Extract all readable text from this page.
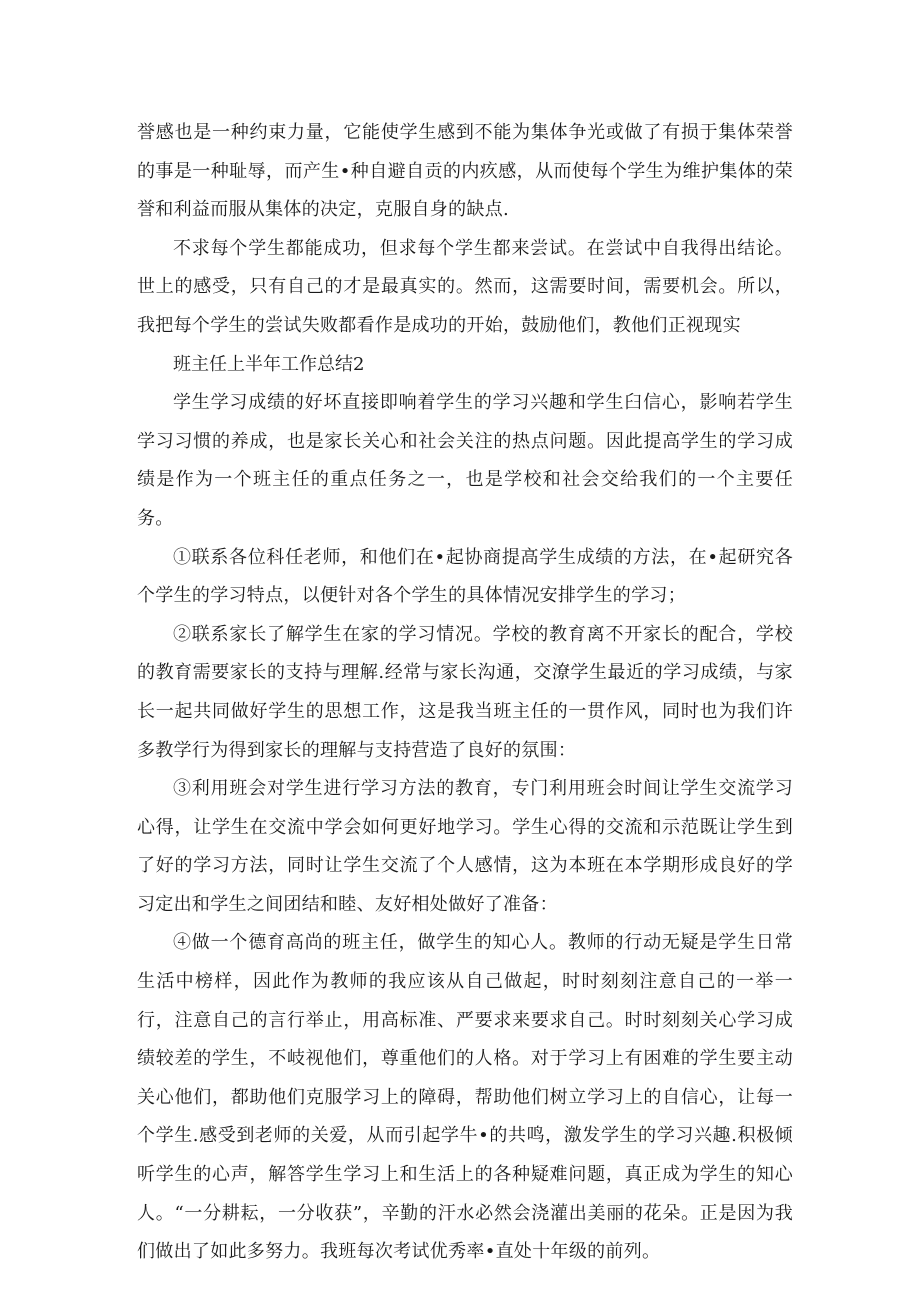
誉感也是一种约束力量，它能使学生感到不能为集体争光或做了有损于集体荣誉的事是一种耻辱，而产生•种自避自贡的内疚感，从而使每个学生为维护集体的荣誉和利益而服从集体的决定，克服自身的缺点.

不求每个学生都能成功，但求每个学生都来尝试。在尝试中自我得出结论。世上的感受，只有自己的才是最真实的。然而，这需要时间，需要机会。所以，我把每个学生的尝试失败都看作是成功的开始，鼓励他们，教他们正视现实

班主任上半年工作总结2

学生学习成绩的好坏直接即响着学生的学习兴趣和学生臼信心，影响若学生学习习惯的养成，也是家长关心和社会关注的热点问题。因此提高学生的学习成绩是作为一个班主任的重点任务之一，也是学校和社会交给我们的一个主要任务。

①联系各位科任老师，和他们在•起协商提高学生成绩的方法，在•起研究各个学生的学习特点，以便针对各个学生的具体情况安排学生的学习；

②联系家长了解学生在家的学习情况。学校的教育离不开家长的配合，学校的教育需要家长的支持与理解.经常与家长沟通，交潦学生最近的学习成绩，与家长一起共同做好学生的思想工作，这是我当班主任的一贯作风，同时也为我们许多教学行为得到家长的理解与支持营造了良好的氛围：

③利用班会对学生进行学习方法的教育，专门利用班会时间让学生交流学习心得，让学生在交流中学会如何更好地学习。学生心得的交流和示范既让学生到了好的学习方法，同时让学生交流了个人感情，这为本班在本学期形成良好的学习定出和学生之间团结和睦、友好相处做好了准备：

④做一个德育高尚的班主任，做学生的知心人。教师的行动无疑是学生日常生活中榜样，因此作为教师的我应该从自己做起，时时刻刻注意自己的一举一行，注意自己的言行举止，用高标准、严要求来要求自己。时时刻刻关心学习成绩较差的学生，不岐视他们，尊重他们的人格。对于学习上有困难的学生要主动关心他们，都助他们克服学习上的障碍，帮助他们树立学习上的自信心，让每一个学生.感受到老师的关爱，从而引起学牛•的共鸣，激发学生的学习兴趣.积极倾听学生的心声，解答学生学习上和生活上的各种疑难问题，真正成为学生的知心人。“一分耕耘，一分收获”，辛勤的汗水必然会浇灌出美丽的花朵。正是因为我们做出了如此多努力。我班每次考试优秀率•直处十年级的前列。
